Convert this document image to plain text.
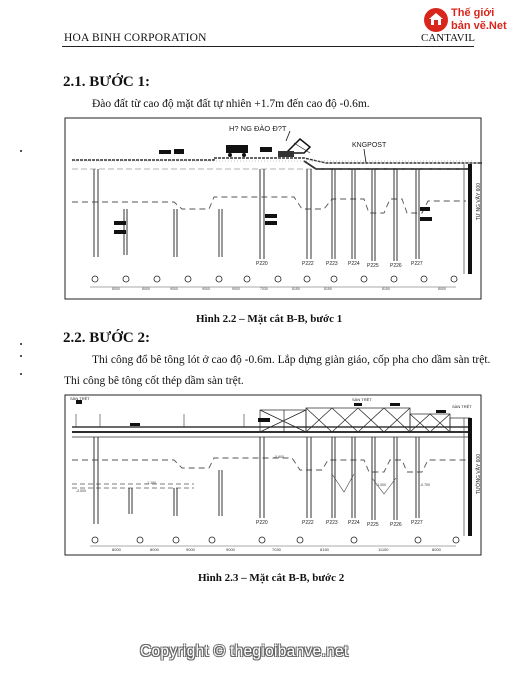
HOA BINH CORPORATION	CANTAVIL
Thế giới
bản vẽ.Net
2.1. BƯỚC 1:
Đào đất từ cao độ mặt đất tự nhiên +1.7m đến cao độ -0.6m.
8000	8000	9000	9000	9000	7030	8150	8150	8150	8000
H? NG ĐÀO Đ?T
KNGPOST
TƯ NG VÂY 600
P220	P222 P223 P224 P225 P226 P227
Hình 2.2 – Mặt cắt B-B, bước 1
2.2. BƯỚC 2:
Thi công đổ bê tông lót ở cao độ -0.6m. Lắp dựng giàn giáo, cốp pha cho dầm sàn trệt.
Thi công bê tông cốt thép dầm sàn trệt.
-2.000
-1.100
-0.600
-1.000	-0.700
8000	8000	9000	9000	7030	8150	11150	8000
SÀN TRỆT	SÀN TRỆT
SÀN TRỆT
TƯỜNG VÂY 600
P220	P222 P223 P224 P225 P226 P227
Hình 2.3 – Mặt cắt B-B, bước 2
Copyright © thegioibanve.net
